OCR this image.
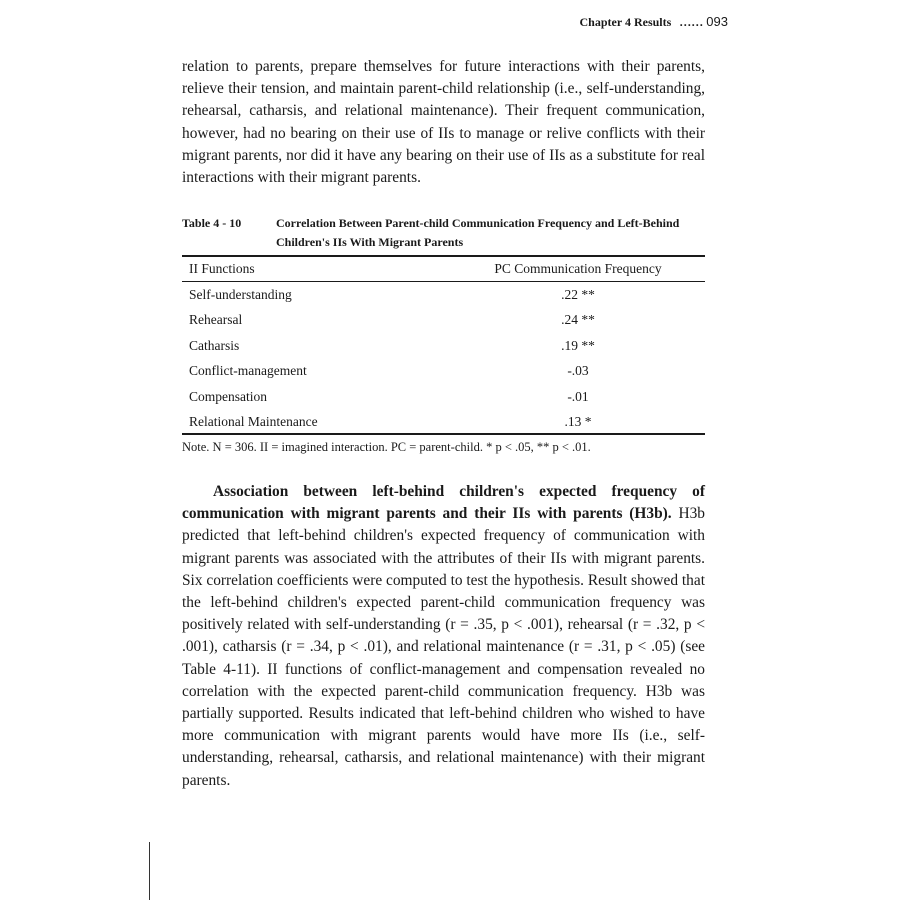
Chapter 4 Results …… 093

relation to parents, prepare themselves for future interactions with their parents, relieve their tension, and maintain parent-child relationship (i.e., self-understanding, rehearsal, catharsis, and relational maintenance). Their frequent communication, however, had no bearing on their use of IIs to manage or relive conflicts with their migrant parents, nor did it have any bearing on their use of IIs as a substitute for real interactions with their migrant parents.

Table 4 - 10	Correlation Between Parent-child Communication Frequency and Left-Behind Children's IIs With Migrant Parents
II Functions	PC Communication Frequency
Self-understanding	.22 **
Rehearsal	.24 **
Catharsis	.19 **
Conflict-management	-.03
Compensation	-.01
Relational Maintenance	.13 *
Note. N = 306. II = imagined interaction. PC = parent-child. * p < .05, ** p < .01.

Association between left-behind children's expected frequency of communication with migrant parents and their IIs with parents (H3b). H3b predicted that left-behind children's expected frequency of communication with migrant parents was associated with the attributes of their IIs with migrant parents. Six correlation coefficients were computed to test the hypothesis. Result showed that the left-behind children's expected parent-child communication frequency was positively related with self-understanding (r = .35, p < .001), rehearsal (r = .32, p < .001), catharsis (r = .34, p < .01), and relational maintenance (r = .31, p < .05) (see Table 4-11). II functions of conflict-management and compensation revealed no correlation with the expected parent-child communication frequency. H3b was partially supported. Results indicated that left-behind children who wished to have more communication with migrant parents would have more IIs (i.e., self-understanding, rehearsal, catharsis, and relational maintenance) with their migrant parents.
